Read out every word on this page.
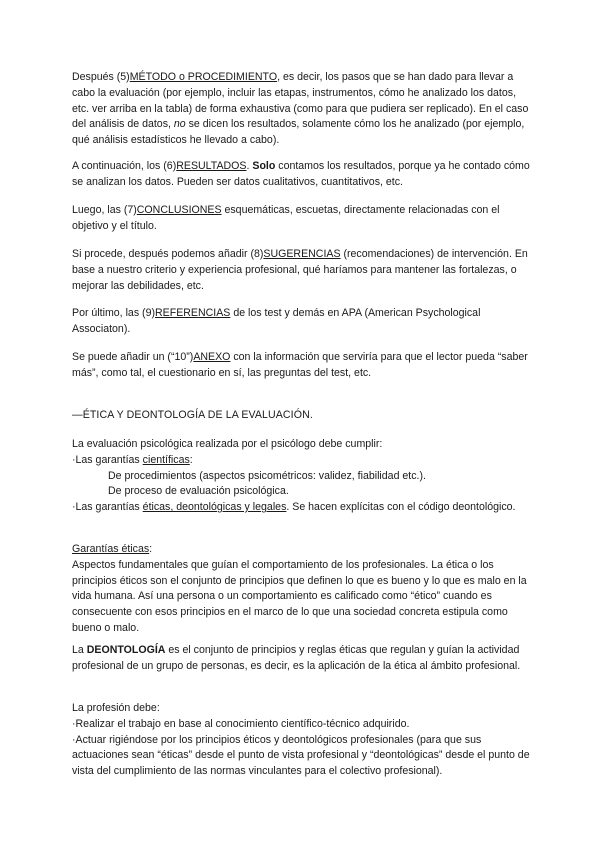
Después (5)MÉTODO o PROCEDIMIENTO, es decir, los pasos que se han dado para llevar a cabo la evaluación (por ejemplo, incluir las etapas, instrumentos, cómo he analizado los datos, etc. ver arriba en la tabla) de forma exhaustiva (como para que pudiera ser replicado). En el caso del análisis de datos, no se dicen los resultados, solamente cómo los he analizado (por ejemplo, qué análisis estadísticos he llevado a cabo).

A continuación, los (6)RESULTADOS. Solo contamos los resultados, porque ya he contado cómo se analizan los datos. Pueden ser datos cualitativos, cuantitativos, etc.

Luego, las (7)CONCLUSIONES esquemáticas, escuetas, directamente relacionadas con el objetivo y el título.

Si procede, después podemos añadir (8)SUGERENCIAS (recomendaciones) de intervención. En base a nuestro criterio y experiencia profesional, qué haríamos para mantener las fortalezas, o mejorar las debilidades, etc.

Por último, las (9)REFERENCIAS de los test y demás en APA (American Psychological Associaton).

Se puede añadir un (“10”)ANEXO con la información que serviría para que el lector pueda “saber más”, como tal, el cuestionario en sí, las preguntas del test, etc.

—ÉTICA Y DEONTOLOGÍA DE LA EVALUACIÓN.

La evaluación psicológica realizada por el psicólogo debe cumplir:
·Las garantías científicas:
De procedimientos (aspectos psicométricos: validez, fiabilidad etc.).
De proceso de evaluación psicológica.
·Las garantías éticas, deontológicas y legales. Se hacen explícitas con el código deontológico.
Garantías éticas:
Aspectos fundamentales que guían el comportamiento de los profesionales. La ética o los principios éticos son el conjunto de principios que definen lo que es bueno y lo que es malo en la vida humana. Así una persona o un comportamiento es calificado como “ético” cuando es consecuente con esos principios en el marco de lo que una sociedad concreta estipula como bueno o malo.

La DEONTOLOGÍA es el conjunto de principios y reglas éticas que regulan y guían la actividad profesional de un grupo de personas, es decir, es la aplicación de la ética al ámbito profesional.

La profesión debe:
·Realizar el trabajo en base al conocimiento científico-técnico adquirido.
·Actuar rigiéndose por los principios éticos y deontológicos profesionales (para que sus actuaciones sean “éticas” desde el punto de vista profesional y “deontológicas” desde el punto de vista del cumplimiento de las normas vinculantes para el colectivo profesional).
